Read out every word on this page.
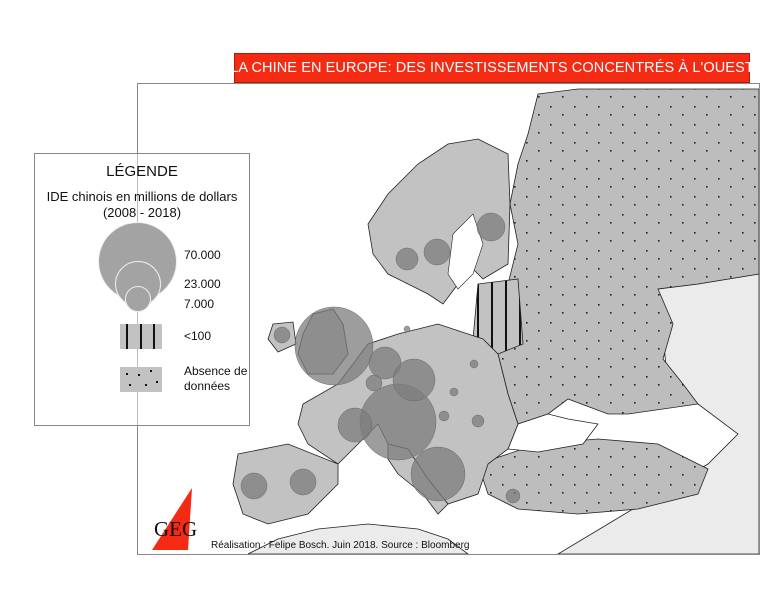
LA CHINE EN EUROPE: DES INVESTISSEMENTS CONCENTRÉS À L'OUEST
LÉGENDE
IDE chinois en millions de dollars
(2008 - 2018)
70.000
23.000
7.000
<100
Absence de
données
GEG
Réalisation : Felipe Bosch. Juin 2018. Source : Bloomberg
